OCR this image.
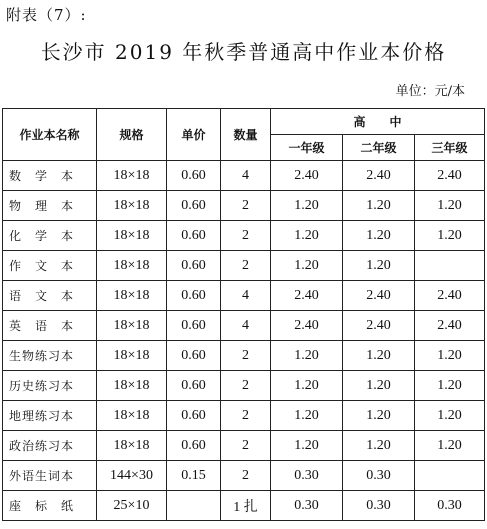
附表（7）:
长沙市 2019 年秋季普通高中作业本价格
单位：元/本
作业本名称	规格	单价	数量	高　　中		
				一年级	二年级	三年级
数　学　本	18×18	0.60	4	2.40	2.40	2.40
物　理　本	18×18	0.60	2	1.20	1.20	1.20
化　学　本	18×18	0.60	2	1.20	1.20	1.20
作　文　本	18×18	0.60	2	1.20	1.20	
语　文　本	18×18	0.60	4	2.40	2.40	2.40
英　语　本	18×18	0.60	4	2.40	2.40	2.40
生物练习本	18×18	0.60	2	1.20	1.20	1.20
历史练习本	18×18	0.60	2	1.20	1.20	1.20
地理练习本	18×18	0.60	2	1.20	1.20	1.20
政治练习本	18×18	0.60	2	1.20	1.20	1.20
外语生词本	144×30	0.15	2	0.30	0.30	
座　标　纸	25×10		1 扎	0.30	0.30	0.30
